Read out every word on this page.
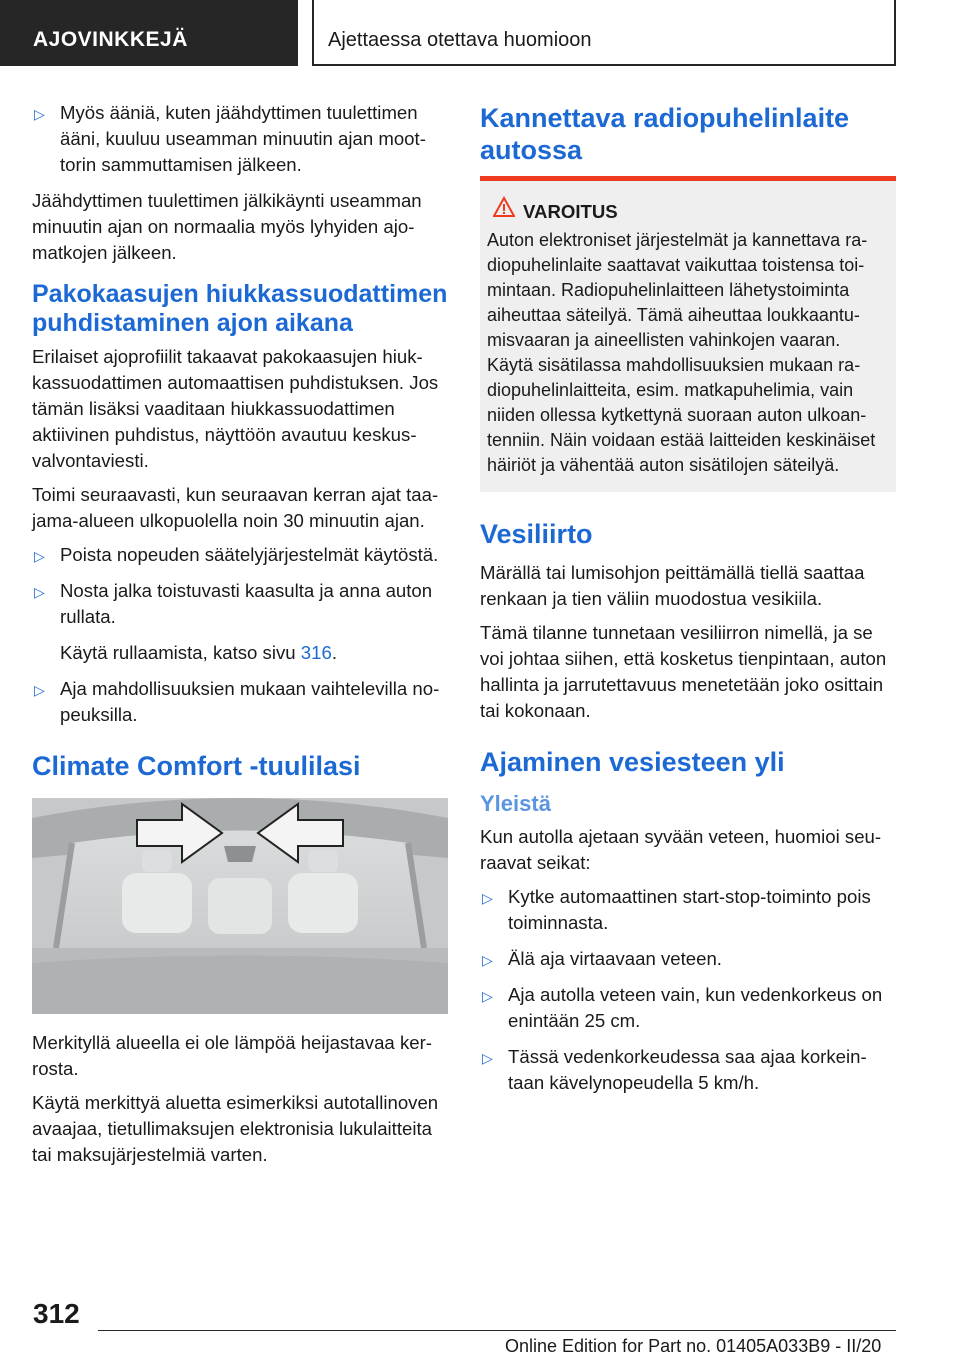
AJOVINKKEJÄ	Ajettaessa otettava huomioon
▷ Myös ääniä, kuten jäähdyttimen tuulettimen ääni, kuuluu useamman minuutin ajan moottorin sammuttamisen jälkeen.

Jäähdyttimen tuulettimen jälkikäynti useamman minuutin ajan on normaalia myös lyhyiden ajomatkojen jälkeen.

Pakokaasujen hiukkassuodattimen puhdistaminen ajon aikana

Erilaiset ajoprofiilit takaavat pakokaasujen hiukkassuodattimen automaattisen puhdistuksen. Jos tämän lisäksi vaaditaan hiukkassuodattimen aktiivinen puhdistus, näyttöön avautuu keskusvalvontaviesti.

Toimi seuraavasti, kun seuraavan kerran ajat taajama-alueen ulkopuolella noin 30 minuutin ajan.

▷ Poista nopeuden säätelyjärjestelmät käytöstä.
▷ Nosta jalka toistuvasti kaasulta ja anna auton rullata.
Käytä rullaamista, katso sivu 316.
▷ Aja mahdollisuuksien mukaan vaihtelevilla nopeuksilla.
Climate Comfort -tuulilasi

Merkityllä alueella ei ole lämpöä heijastavaa kerrosta.

Käytä merkittyä aluetta esimerkiksi autotallinoven avaajaa, tietullimaksujen elektronisia lukulaitteita tai maksujärjestelmiä varten.

Kannettava radiopuhelinlaite autossa
VAROITUS
Auton elektroniset järjestelmät ja kannettava radiopuhelinlaite saattavat vaikuttaa toistensa toimintaan. Radiopuhelinlaitteen lähetystoiminta aiheuttaa säteilyä. Tämä aiheuttaa loukkaantumisvaaran ja aineellisten vahinkojen vaaran. Käytä sisätilassa mahdollisuuksien mukaan radiopuhelinlaitteita, esim. matkapuhelimia, vain niiden ollessa kytkettynä suoraan auton ulkoantenniin. Näin voidaan estää laitteiden keskinäiset häiriöt ja vähentää auton sisätilojen säteilyä.
Vesiliirto

Märällä tai lumisohjon peittämällä tiellä saattaa renkaan ja tien väliin muodostua vesikiila.

Tämä tilanne tunnetaan vesiliirron nimellä, ja se voi johtaa siihen, että kosketus tienpintaan, auton hallinta ja jarrutettavuus menetetään joko osittain tai kokonaan.

Ajaminen vesiesteen yli
Yleistä

Kun autolla ajetaan syvään veteen, huomioi seuraavat seikat:

▷ Kytke automaattinen start-stop-toiminto pois toiminnasta.
▷ Älä aja virtaavaan veteen.
▷ Aja autolla veteen vain, kun vedenkorkeus on enintään 25 cm.
▷ Tässä vedenkorkeudessa saa ajaa korkeintaan kävelynopeudella 5 km/h.
312
Online Edition for Part no. 01405A033B9 - II/20
